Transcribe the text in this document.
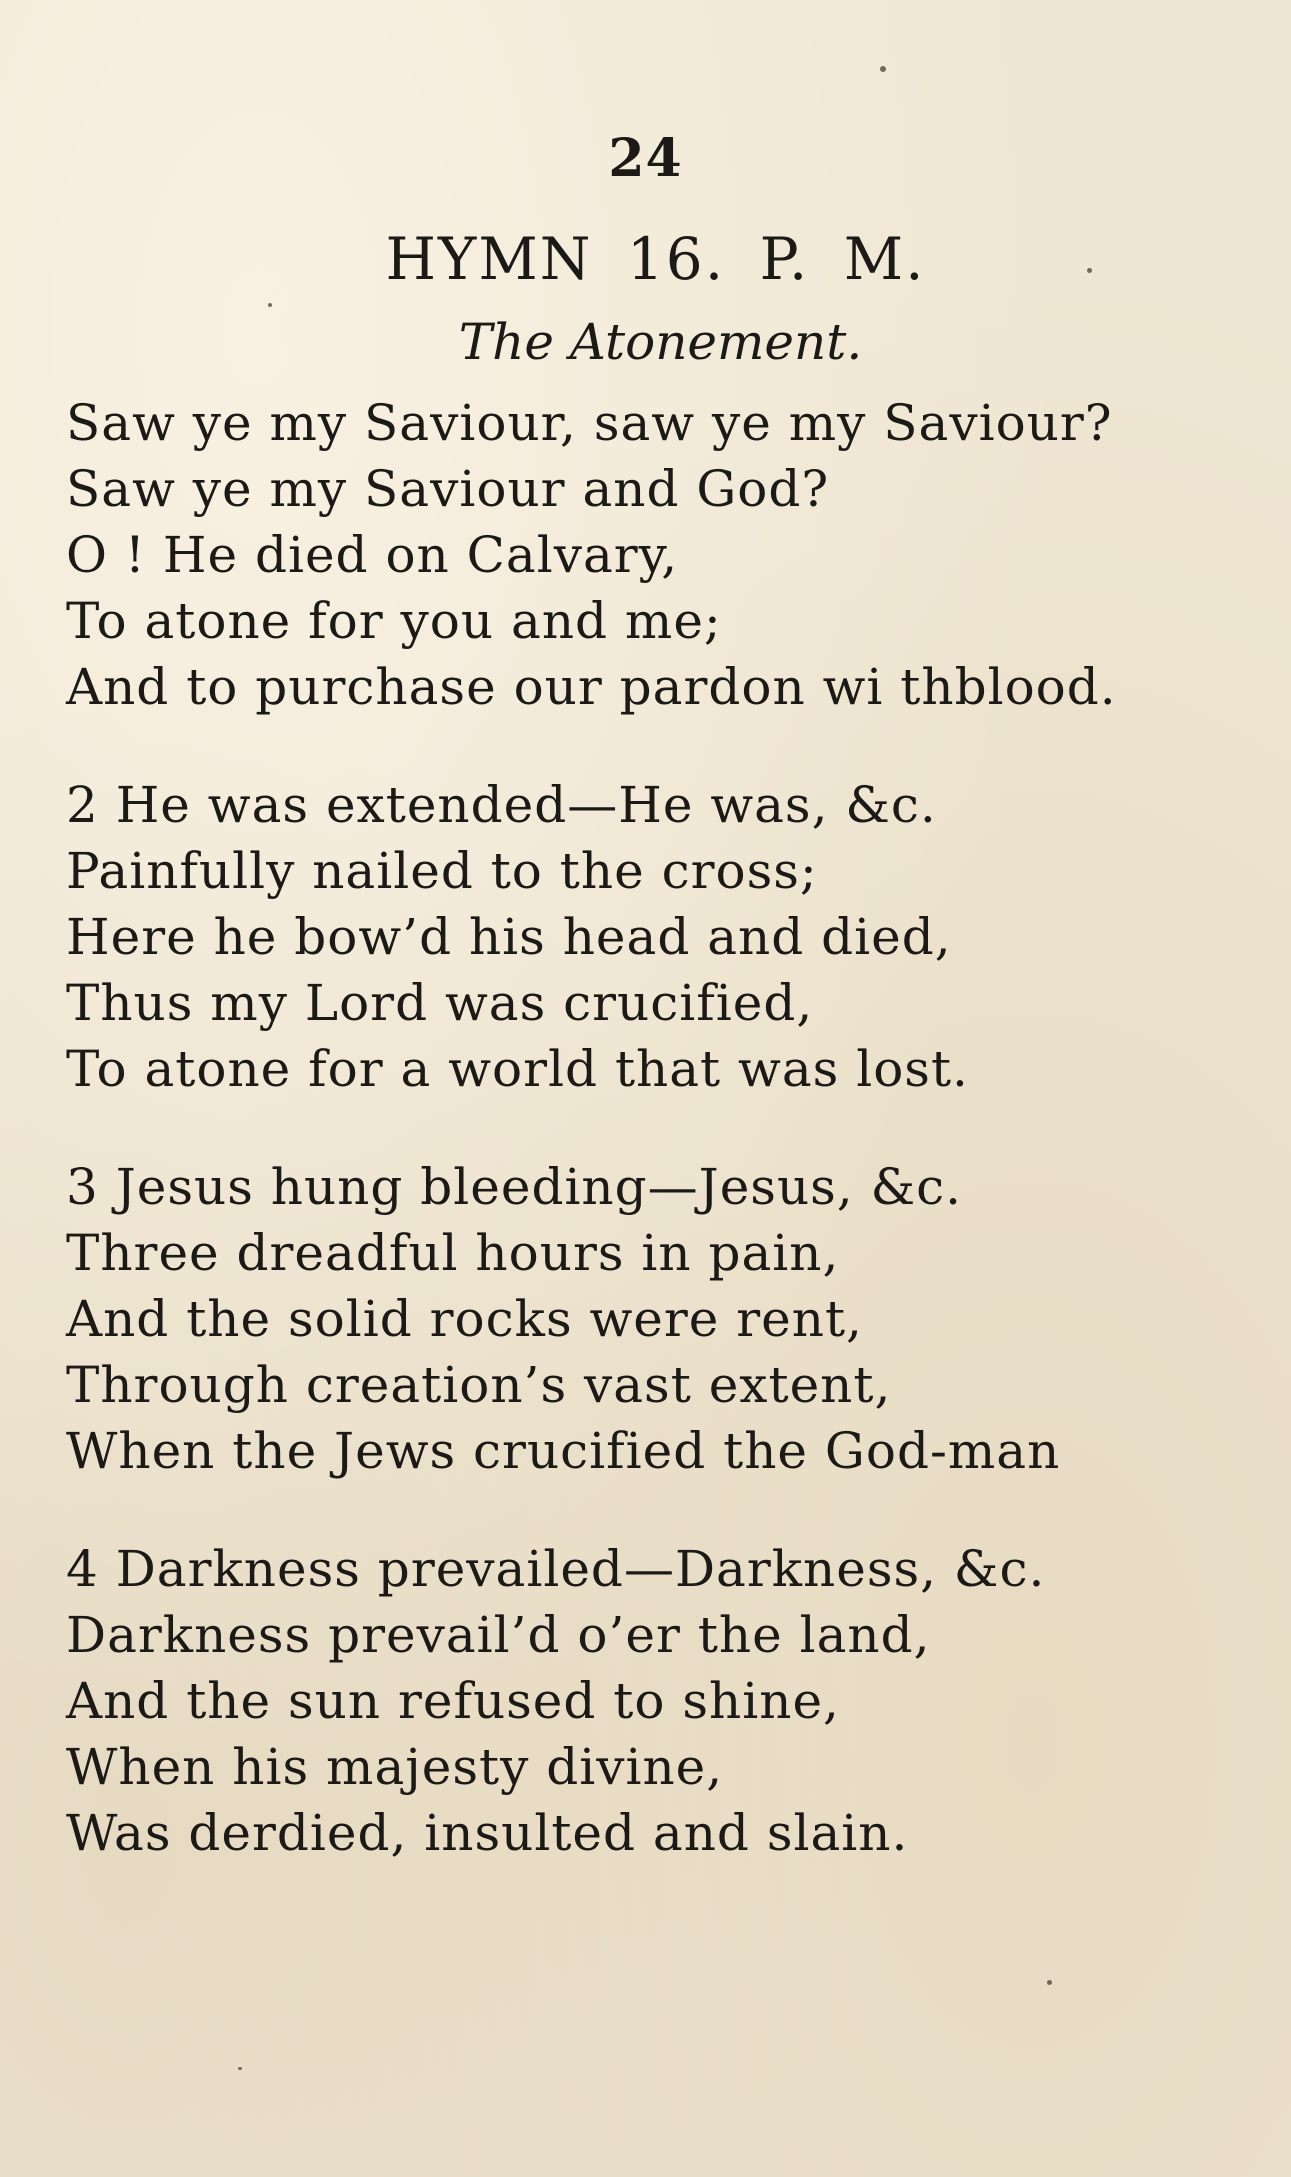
24
HYMN 16. P. M.
The Atonement.
Saw ye my Saviour, saw ye my Saviour?
Saw ye my Saviour and God?
O ! He died on Calvary,
To atone for you and me;
And to purchase our pardon wi thblood.
2 He was extended—He was, &c.
Painfully nailed to the cross;
Here he bow’d his head and died,
Thus my Lord was crucified,
To atone for a world that was lost.
3 Jesus hung bleeding—Jesus, &c.
Three dreadful hours in pain,
And the solid rocks were rent,
Through creation’s vast extent,
When the Jews crucified the God-man
4 Darkness prevailed—Darkness, &c.
Darkness prevail’d o’er the land,
And the sun refused to shine,
When his majesty divine,
Was derdied, insulted and slain.
